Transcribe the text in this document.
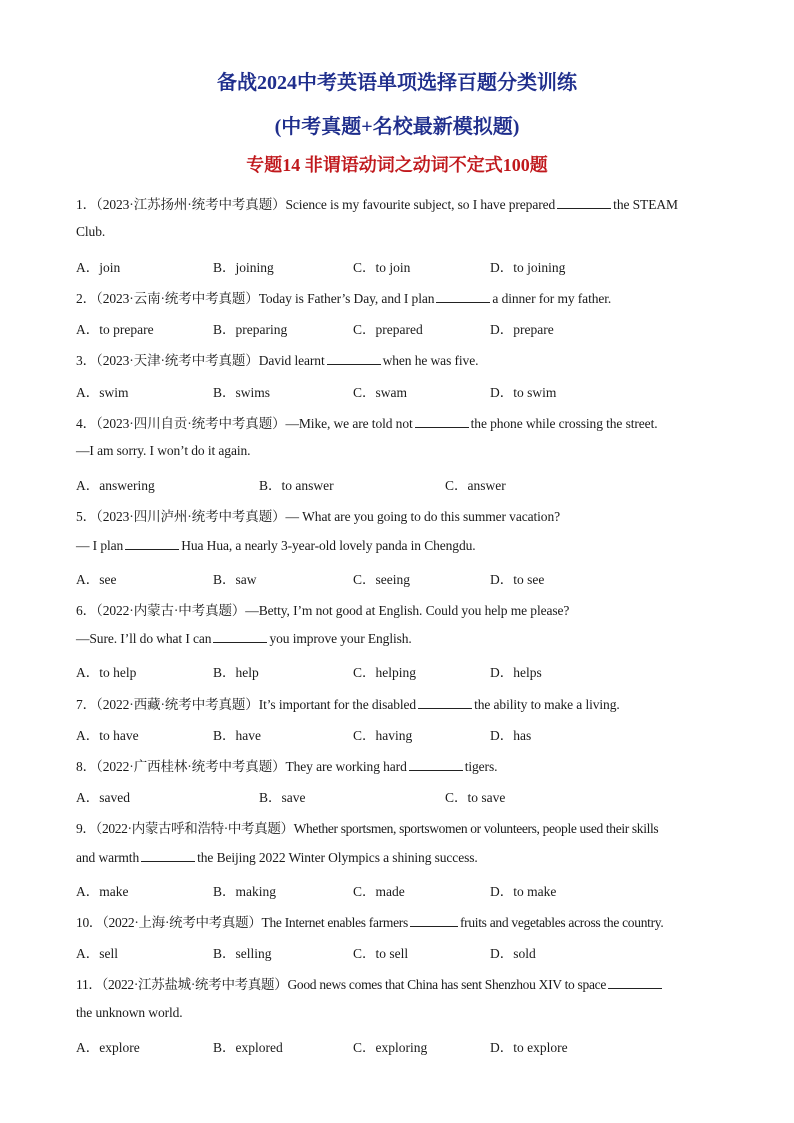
备战2024中考英语单项选择百题分类训练
(中考真题+名校最新模拟题)
专题14 非谓语动词之动词不定式100题
1．（2023·江苏扬州·统考中考真题）Science is my favourite subject, so I have prepared	the STEAM
Club.
A．join	B．joining	C．to join	D．to joining
2．（2023·云南·统考中考真题）Today is Father’s Day, and I plan	a dinner for my father.
A．to prepare	B．preparing	C．prepared	D．prepare
3．（2023·天津·统考中考真题）David learnt	when he was five.
A．swim	B．swims	C．swam	D．to swim
4．（2023·四川自贡·统考中考真题）—Mike, we are told not	the phone while crossing the street.
—I am sorry. I won’t do it again.
A．answering	B．to answer	C．answer
5．（2023·四川泸州·统考中考真题）— What are you going to do this summer vacation?
— I plan	Hua Hua, a nearly 3-year-old lovely panda in Chengdu.
A．see	B．saw	C．seeing	D．to see
6．（2022·内蒙古·中考真题）—Betty, I’m not good at English. Could you help me please?
—Sure. I’ll do what I can	you improve your English.
A．to help	B．help	C．helping	D．helps
7．（2022·西藏·统考中考真题）It’s important for the disabled	the ability to make a living.
A．to have	B．have	C．having	D．has
8．（2022·广西桂林·统考中考真题）They are working hard	tigers.
A．saved	B．save	C．to save
9．（2022·内蒙古呼和浩特·中考真题）Whether sportsmen, sportswomen or volunteers, people used their skills
and warmth	the Beijing 2022 Winter Olympics a shining success.
A．make	B．making	C．made	D．to make
10．（2022·上海·统考中考真题）The Internet enables farmers	fruits and vegetables across the country.
A．sell	B．selling	C．to sell	D．sold
11．（2022·江苏盐城·统考中考真题）Good news comes that China has sent Shenzhou XIV to space
the unknown world.
A．explore	B．explored	C．exploring	D．to explore
